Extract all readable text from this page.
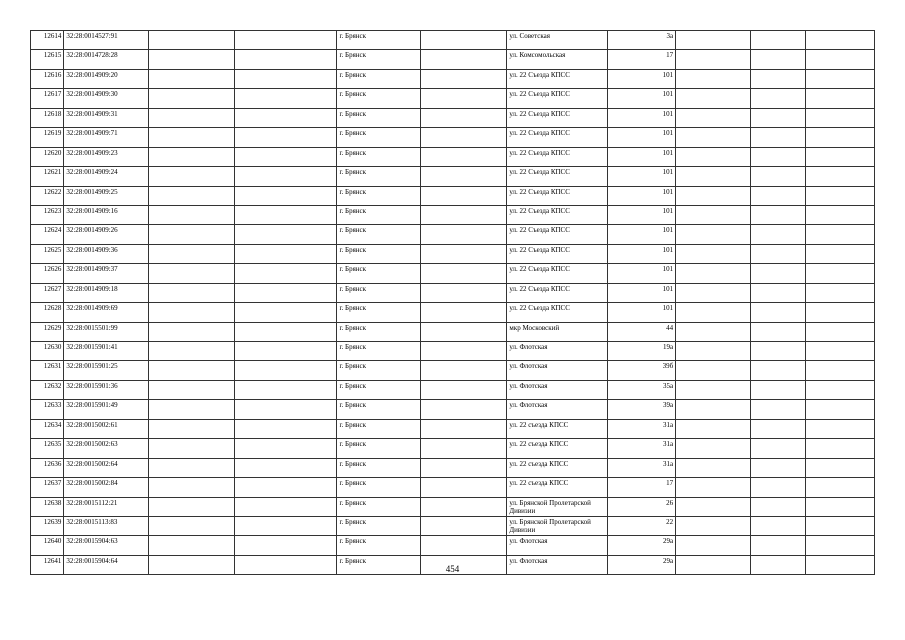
12614	32:28:0014527:91			г. Брянск		ул. Советская	3а			
12615	32:28:0014728:28			г. Брянск		ул. Комсомольская	17			
12616	32:28:0014909:20			г. Брянск		ул. 22 Съезда КПСС	101			
12617	32:28:0014909:30			г. Брянск		ул. 22 Съезда КПСС	101			
12618	32:28:0014909:31			г. Брянск		ул. 22 Съезда КПСС	101			
12619	32:28:0014909:71			г. Брянск		ул. 22 Съезда КПСС	101			
12620	32:28:0014909:23			г. Брянск		ул. 22 Съезда КПСС	101			
12621	32:28:0014909:24			г. Брянск		ул. 22 Съезда КПСС	101			
12622	32:28:0014909:25			г. Брянск		ул. 22 Съезда КПСС	101			
12623	32:28:0014909:16			г. Брянск		ул. 22 Съезда КПСС	101			
12624	32:28:0014909:26			г. Брянск		ул. 22 Съезда КПСС	101			
12625	32:28:0014909:36			г. Брянск		ул. 22 Съезда КПСС	101			
12626	32:28:0014909:37			г. Брянск		ул. 22 Съезда КПСС	101			
12627	32:28:0014909:18			г. Брянск		ул. 22 Съезда КПСС	101			
12628	32:28:0014909:69			г. Брянск		ул. 22 Съезда КПСС	101			
12629	32:28:0015501:99			г. Брянск		мкр Московский	44			
12630	32:28:0015901:41			г. Брянск		ул. Флотская	19а			
12631	32:28:0015901:25			г. Брянск		ул. Флотская	39б			
12632	32:28:0015901:36			г. Брянск		ул. Флотская	35а			
12633	32:28:0015901:49			г. Брянск		ул. Флотская	39а			
12634	32:28:0015002:61			г. Брянск		ул. 22 съезда КПСС	31а			
12635	32:28:0015002:63			г. Брянск		ул. 22 съезда КПСС	31а			
12636	32:28:0015002:64			г. Брянск		ул. 22 съезда КПСС	31а			
12637	32:28:0015002:84			г. Брянск		ул. 22 съезда КПСС	17			
12638	32:28:0015112:21			г. Брянск		ул. Брянской Пролетарской Дивизии	26			
12639	32:28:0015113:83			г. Брянск		ул. Брянской Пролетарской Дивизии	22			
12640	32:28:0015904:63			г. Брянск		ул. Флотская	29а			
12641	32:28:0015904:64			г. Брянск		ул. Флотская	29а			
454
